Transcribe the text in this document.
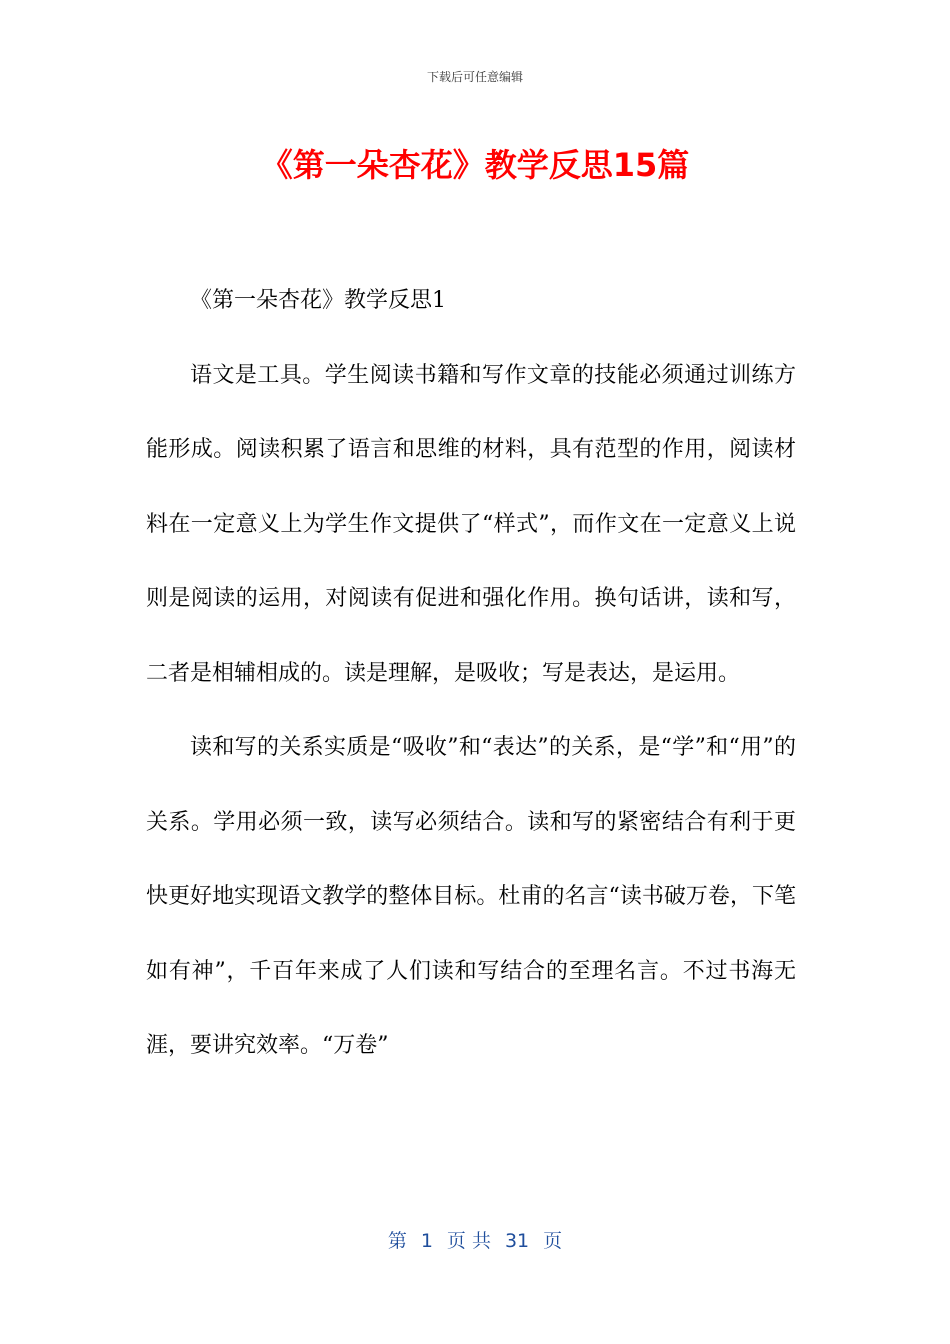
下载后可任意编辑
《第一朵杏花》教学反思15篇

《第一朵杏花》教学反思1

语文是工具。学生阅读书籍和写作文章的技能必须通过训练方能形成。阅读积累了语言和思维的材料，具有范型的作用，阅读材料在一定意义上为学生作文提供了“样式”，而作文在一定意义上说则是阅读的运用，对阅读有促进和强化作用。换句话讲，读和写，二者是相辅相成的。读是理解，是吸收；写是表达，是运用。

读和写的关系实质是“吸收”和“表达”的关系，是“学”和“用”的关系。学用必须一致，读写必须结合。读和写的紧密结合有利于更快更好地实现语文教学的整体目标。杜甫的名言“读书破万卷，下笔如有神”，千百年来成了人们读和写结合的至理名言。不过书海无涯，要讲究效率。“万卷”

第 1 页 共 31 页
